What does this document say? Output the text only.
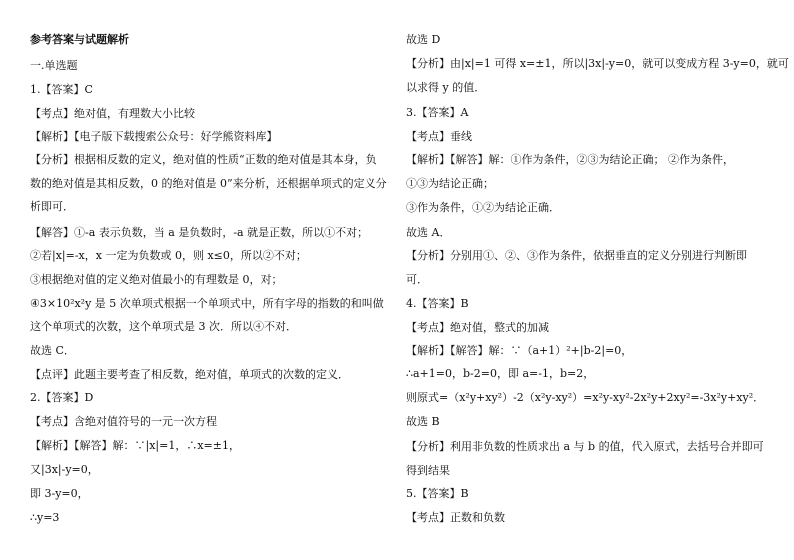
参考答案与试题解析
一.单选题
1.【答案】C
【考点】绝对值，有理数大小比较
【解析】【电子版下载搜索公众号：好学熊资料库】
【分析】根据相反数的定义，绝对值的性质“正数的绝对值是其本身，负
数的绝对值是其相反数，0 的绝对值是 0”来分析，还根据单项式的定义分
析即可．
【解答】①-a 表示负数，当 a 是负数时，-a 就是正数，所以①不对；
②若|x|=-x，x 一定为负数或 0，则 x≤0，所以②不对；
③根据绝对值的定义绝对值最小的有理数是 0，对；
④3×10²x²y 是 5 次单项式根据一个单项式中，所有字母的指数的和叫做
这个单项式的次数，这个单项式是 3 次．所以④不对．
故选 C．
【点评】此题主要考查了相反数，绝对值，单项式的次数的定义．
2.【答案】D
【考点】含绝对值符号的一元一次方程
【解析】【解答】解：∵|x|=1，∴x=±1，
又|3x|-y=0，
即 3-y=0，
∴y=3
故选 D
【分析】由|x|=1 可得 x=±1，所以|3x|-y=0，就可以变成方程 3-y=0，就可
以求得 y 的值．
3.【答案】A
【考点】垂线
【解析】【解答】解：①作为条件，②③为结论正确； ②作为条件，
①③为结论正确；
③作为条件，①②为结论正确．
故选 A．
【分析】分别用①、②、③作为条件，依据垂直的定义分别进行判断即
可．
4.【答案】B
【考点】绝对值，整式的加减
【解析】【解答】解：∵（a+1）²+|b-2|=0，
∴a+1=0，b-2=0，即 a=-1，b=2，
则原式=（x²y+xy²）-2（x²y-xy²）=x²y-xy²-2x²y+2xy²=-3x²y+xy²．
故选 B
【分析】利用非负数的性质求出 a 与 b 的值，代入原式，去括号合并即可
得到结果
5.【答案】B
【考点】正数和负数
